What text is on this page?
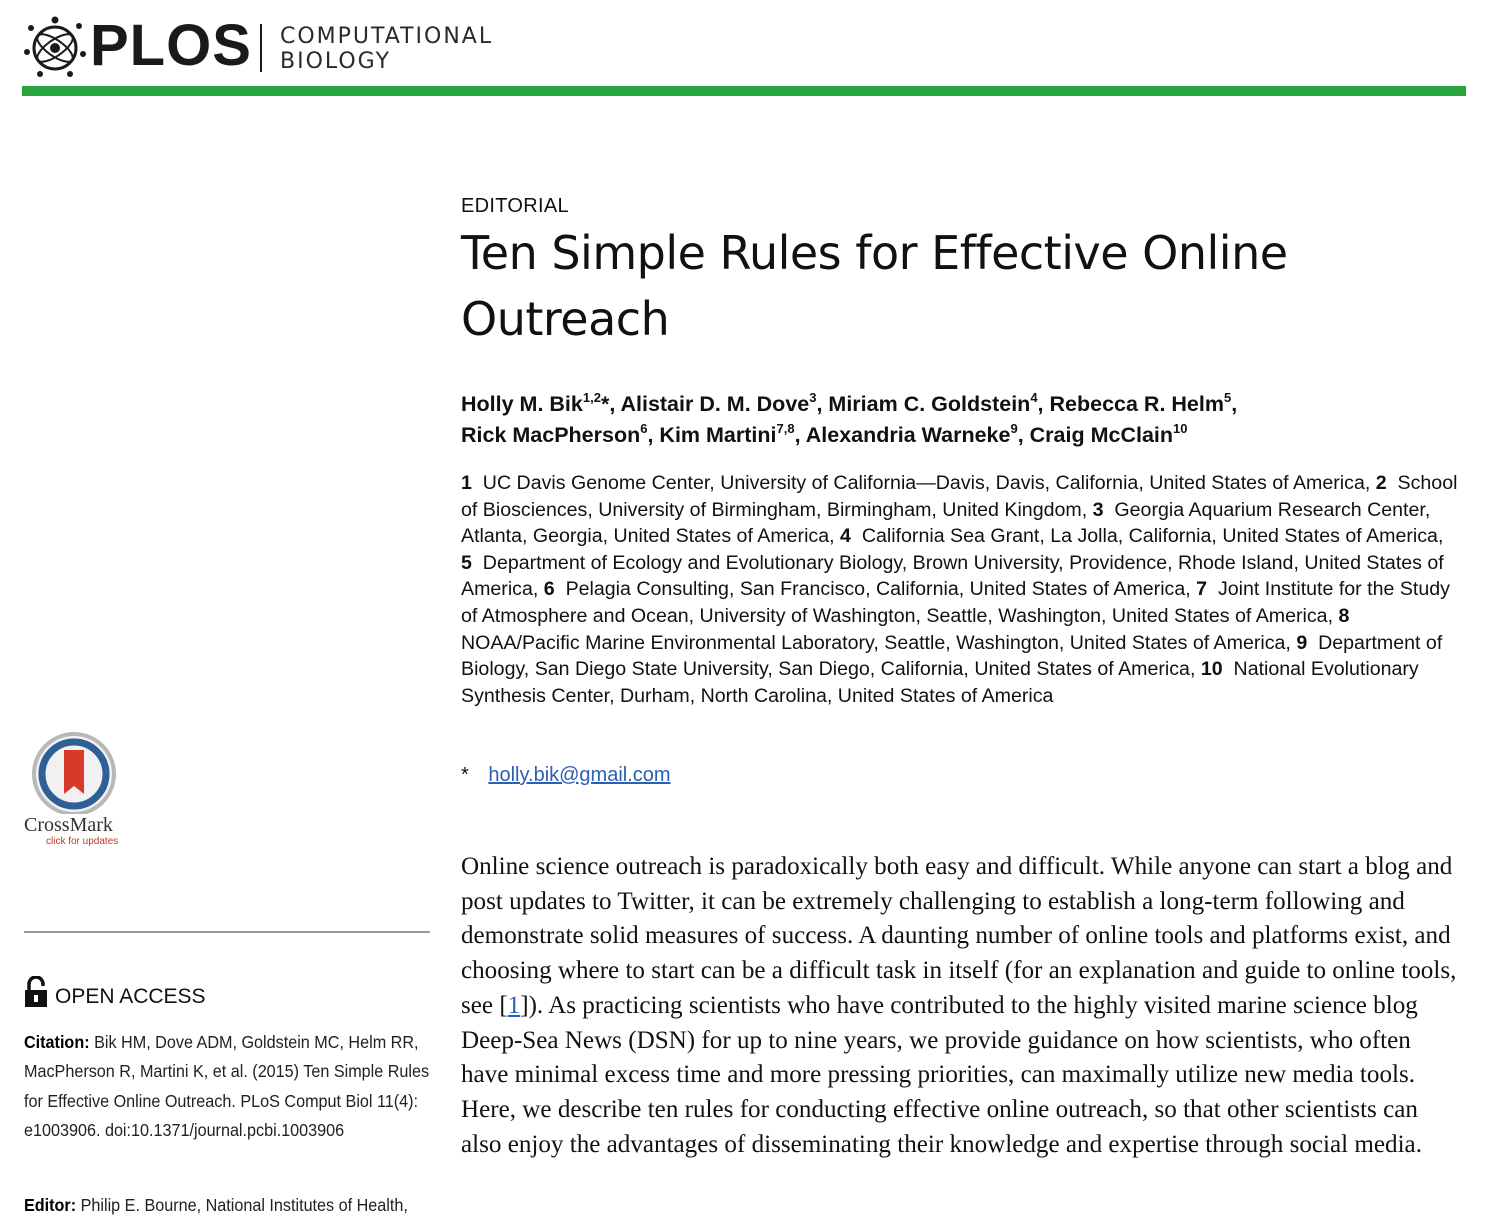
PLOS COMPUTATIONAL
BIOLOGY
CrossMark
click for updates
OPEN ACCESS
Citation: Bik HM, Dove ADM, Goldstein MC, Helm RR, MacPherson R, Martini K, et al. (2015) Ten Simple Rules for Effective Online Outreach. PLoS Comput Biol 11(4): e1003906. doi:10.1371/journal.pcbi.1003906
Editor: Philip E. Bourne, National Institutes of Health,
EDITORIAL
Ten Simple Rules for Effective Online Outreach
Holly M. Bik$^{1,2}$*, Alistair D. M. Dove$^3$, Miriam C. Goldstein$^4$, Rebecca R. Helm$^5$,
Rick MacPherson$^6$, Kim Martini$^{7,8}$, Alexandria Warneke$^9$, Craig McClain$^{10}$
1 UC Davis Genome Center, University of California—Davis, Davis, California, United States of America, 2 School of Biosciences, University of Birmingham, Birmingham, United Kingdom, 3 Georgia Aquarium Research Center, Atlanta, Georgia, United States of America, 4 California Sea Grant, La Jolla, California, United States of America, 5 Department of Ecology and Evolutionary Biology, Brown University, Providence, Rhode Island, United States of America, 6 Pelagia Consulting, San Francisco, California, United States of America, 7 Joint Institute for the Study of Atmosphere and Ocean, University of Washington, Seattle, Washington, United States of America, 8  NOAA/Pacific Marine Environmental Laboratory, Seattle, Washington, United States of America, 9 Department of Biology, San Diego State University, San Diego, California, United States of America, 10 National Evolutionary Synthesis Center, Durham, North Carolina, United States of America
* holly.bik@gmail.com
Online science outreach is paradoxically both easy and difficult. While anyone can start a blog and post updates to Twitter, it can be extremely challenging to establish a long-term following and demonstrate solid measures of success. A daunting number of online tools and platforms exist, and choosing where to start can be a difficult task in itself (for an explanation and guide to online tools, see [1]). As practicing scientists who have contributed to the highly visited marine science blog Deep-Sea News (DSN) for up to nine years, we provide guidance on how scientists, who often have minimal excess time and more pressing priorities, can maximally utilize new media tools. Here, we describe ten rules for conducting effective online outreach, so that other scientists can also enjoy the advantages of disseminating their knowledge and expertise through social media.
